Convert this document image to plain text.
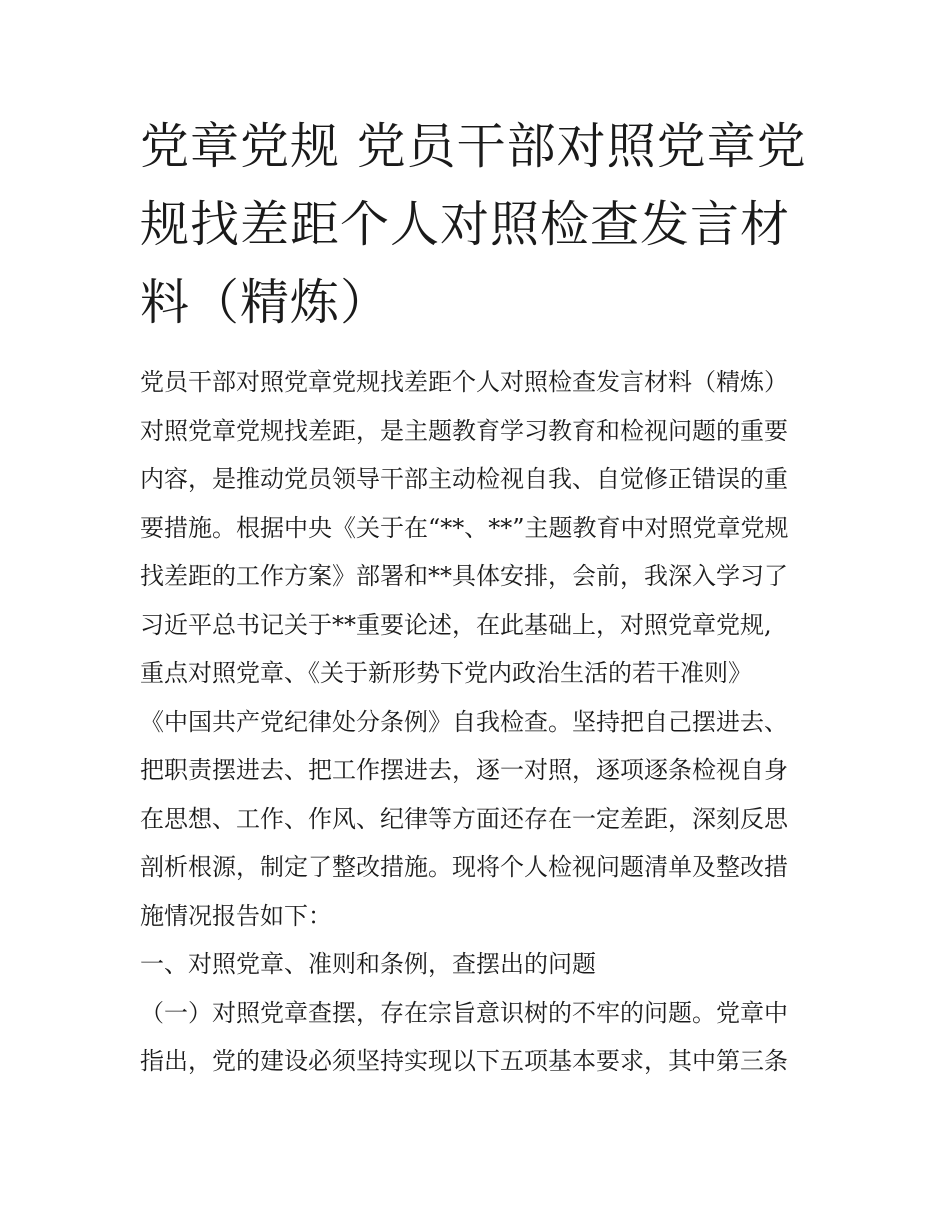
党章党规 党员干部对照党章党
规找差距个人对照检查发言材
料（精炼）
党员干部对照党章党规找差距个人对照检查发言材料（精炼）
对照党章党规找差距，是主题教育学习教育和检视问题的重要
内容，是推动党员领导干部主动检视自我、自觉修正错误的重
要措施。根据中央《关于在“**、**”主题教育中对照党章党规
找差距的工作方案》部署和**具体安排，会前，我深入学习了
习近平总书记关于**重要论述，在此基础上，对照党章党规,
重点对照党章、《关于新形势下党内政治生活的若干准则》
《中国共产党纪律处分条例》自我检查。坚持把自己摆进去、
把职责摆进去、把工作摆进去，逐一对照，逐项逐条检视自身
在思想、工作、作风、纪律等方面还存在一定差距，深刻反思
剖析根源，制定了整改措施。现将个人检视问题清单及整改措
施情况报告如下：
一、对照党章、准则和条例，查摆出的问题
（一）对照党章查摆，存在宗旨意识树的不牢的问题。党章中
指出，党的建设必须坚持实现以下五项基本要求，其中第三条
